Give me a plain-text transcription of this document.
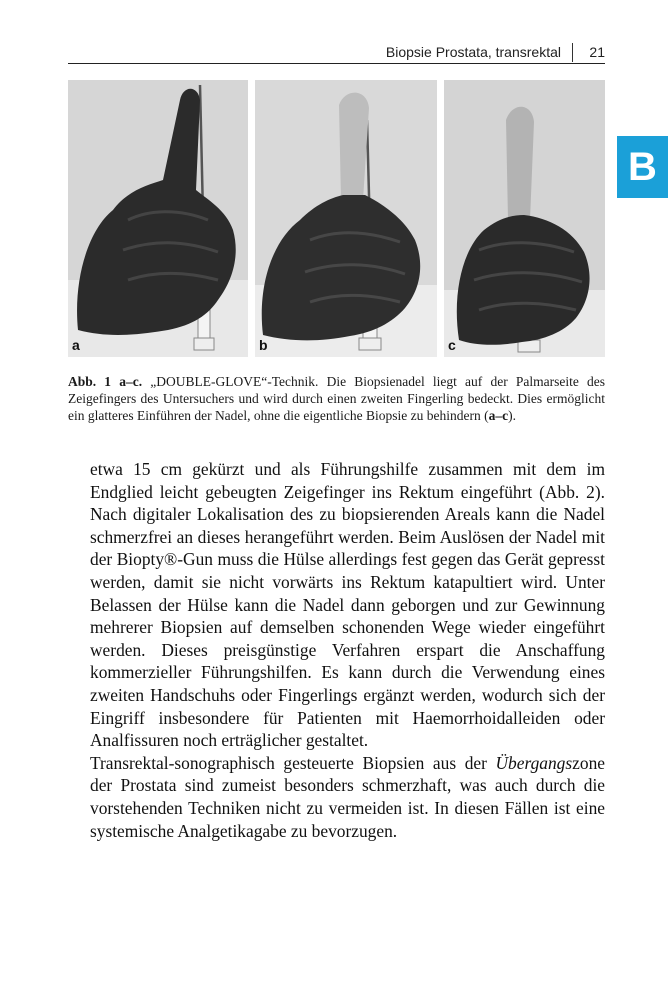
Biopsie Prostata, transrektal 21
B
a	b	c
Abb. 1 a–c. „DOUBLE-GLOVE“-Technik. Die Biopsienadel liegt auf der Palmarseite des Zeigefingers des Untersuchers und wird durch einen zweiten Fingerling bedeckt. Dies ermöglicht ein glatteres Einführen der Nadel, ohne die eigentliche Biopsie zu behindern (a–c).

etwa 15 cm gekürzt und als Führungshilfe zusammen mit dem im Endglied leicht gebeugten Zeigefinger ins Rektum eingeführt (Abb. 2). Nach digitaler Lokalisation des zu biopsierenden Areals kann die Nadel schmerzfrei an dieses herangeführt werden. Beim Auslösen der Nadel mit der Biopty®-Gun muss die Hülse allerdings fest gegen das Gerät gepresst werden, damit sie nicht vorwärts ins Rektum katapultiert wird. Unter Belassen der Hülse kann die Nadel dann geborgen und zur Gewinnung mehrerer Biopsien auf demselben schonenden Wege wieder eingeführt werden. Dieses preisgünstige Verfahren erspart die Anschaffung kommerzieller Führungshilfen. Es kann durch die Verwendung eines zweiten Handschuhs oder Fingerlings ergänzt werden, wodurch sich der Eingriff insbesondere für Patienten mit Haemorrhoidalleiden oder Analfissuren noch erträglicher gestaltet.

Transrektal-sonographisch gesteuerte Biopsien aus der Übergangszone der Prostata sind zumeist besonders schmerzhaft, was auch durch die vorstehenden Techniken nicht zu vermeiden ist. In diesen Fällen ist eine systemische Analgetikagabe zu bevorzugen.
